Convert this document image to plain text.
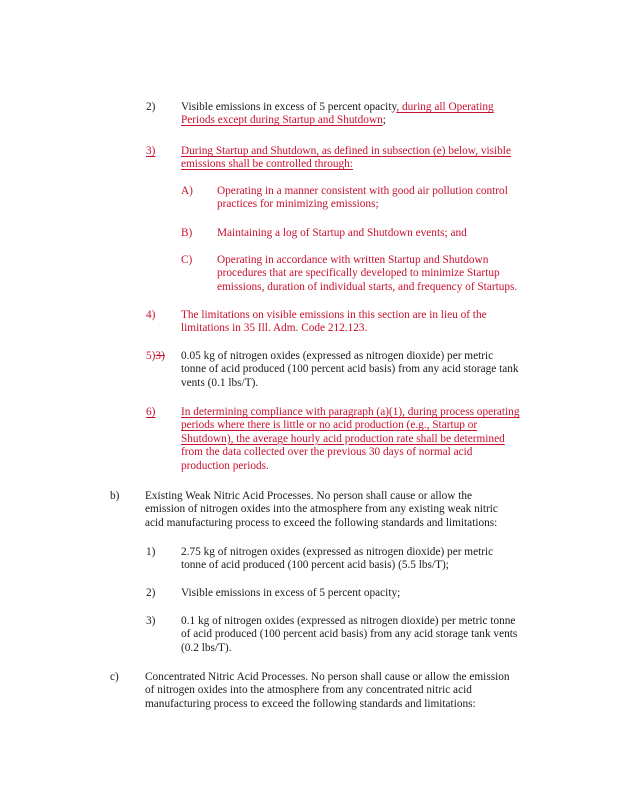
2) Visible emissions in excess of 5 percent opacity, during all Operating
Periods except during Startup and Shutdown;
3) During Startup and Shutdown, as defined in subsection (e) below, visible
emissions shall be controlled through:
A) Operating in a manner consistent with good air pollution control
practices for minimizing emissions;
B) Maintaining a log of Startup and Shutdown events; and
C) Operating in accordance with written Startup and Shutdown
procedures that are specifically developed to minimize Startup
emissions, duration of individual starts, and frequency of Startups.
4) The limitations on visible emissions in this section are in lieu of the
limitations in 35 Ill. Adm. Code 212.123.
5)3) 0.05 kg of nitrogen oxides (expressed as nitrogen dioxide) per metric
tonne of acid produced (100 percent acid basis) from any acid storage tank
vents (0.1 lbs/T).
6) In determining compliance with paragraph (a)(1), during process operating
periods where there is little or no acid production (e.g., Startup or
Shutdown), the average hourly acid production rate shall be determined
from the data collected over the previous 30 days of normal acid
production periods.
b) Existing Weak Nitric Acid Processes. No person shall cause or allow the
emission of nitrogen oxides into the atmosphere from any existing weak nitric
acid manufacturing process to exceed the following standards and limitations:
1) 2.75 kg of nitrogen oxides (expressed as nitrogen dioxide) per metric
tonne of acid produced (100 percent acid basis) (5.5 lbs/T);
2) Visible emissions in excess of 5 percent opacity;
3) 0.1 kg of nitrogen oxides (expressed as nitrogen dioxide) per metric tonne
of acid produced (100 percent acid basis) from any acid storage tank vents
(0.2 lbs/T).
c) Concentrated Nitric Acid Processes. No person shall cause or allow the emission
of nitrogen oxides into the atmosphere from any concentrated nitric acid
manufacturing process to exceed the following standards and limitations:
